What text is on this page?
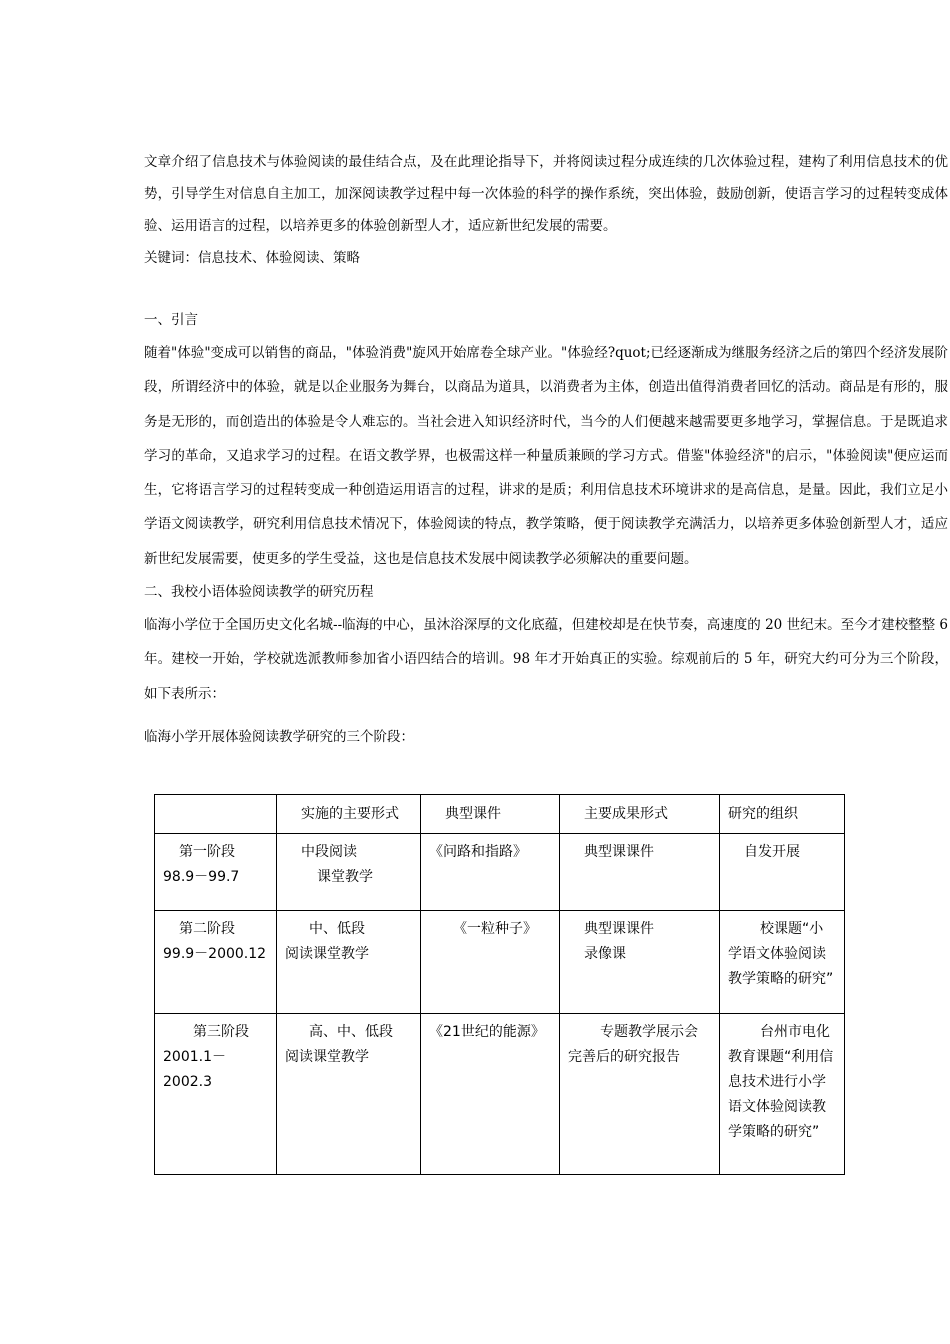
文章介绍了信息技术与体验阅读的最佳结合点，及在此理论指导下，并将阅读过程分成连续的几次体验过程，建构了利用信息技术的优势，引导学生对信息自主加工，加深阅读教学过程中每一次体验的科学的操作系统，突出体验，鼓励创新，使语言学习的过程转变成体验、运用语言的过程，以培养更多的体验创新型人才，适应新世纪发展的需要。

关键词：信息技术、体验阅读、策略

一、引言

随着"体验"变成可以销售的商品，"体验消费"旋风开始席卷全球产业。"体验经?quot;已经逐渐成为继服务经济之后的第四个经济发展阶段，所谓经济中的体验，就是以企业服务为舞台，以商品为道具，以消费者为主体，创造出值得消费者回忆的活动。商品是有形的，服务是无形的，而创造出的体验是令人难忘的。当社会进入知识经济时代，当今的人们便越来越需要更多地学习，掌握信息。于是既追求学习的革命，又追求学习的过程。在语文教学界，也极需这样一种量质兼顾的学习方式。借鉴"体验经济"的启示，"体验阅读"便应运而生，它将语言学习的过程转变成一种创造运用语言的过程，讲求的是质；利用信息技术环境讲求的是高信息，是量。因此，我们立足小学语文阅读教学，研究利用信息技术情况下，体验阅读的特点，教学策略，便于阅读教学充满活力，以培养更多体验创新型人才，适应新世纪发展需要，使更多的学生受益，这也是信息技术发展中阅读教学必须解决的重要问题。

二、我校小语体验阅读教学的研究历程

临海小学位于全国历史文化名城--临海的中心，虽沐浴深厚的文化底蕴，但建校却是在快节奏，高速度的 20 世纪末。至今才建校整整 6 年。建校一开始，学校就选派教师参加省小语四结合的培训。98 年才开始真正的实验。综观前后的 5 年，研究大约可分为三个阶段，如下表所示：

临海小学开展体验阅读教学研究的三个阶段：

	实施的主要形式	典型课件	主要成果形式	研究的组织

第一阶段
98.9－99.7	中段阅读
课堂教学	《问路和指路》	典型课课件	自发开展

第二阶段
99.9－2000.12	中、低段
阅读课堂教学	《一粒种子》	典型课课件
录像课	校课题“小学语文体验阅读教学策略的研究”

第三阶段
2001.1－
2002.3	高、中、低段
阅读课堂教学	《21世纪的能源》	专题教学展示会完善后的研究报告	台州市电化教育课题“利用信息技术进行小学语文体验阅读教学策略的研究”
